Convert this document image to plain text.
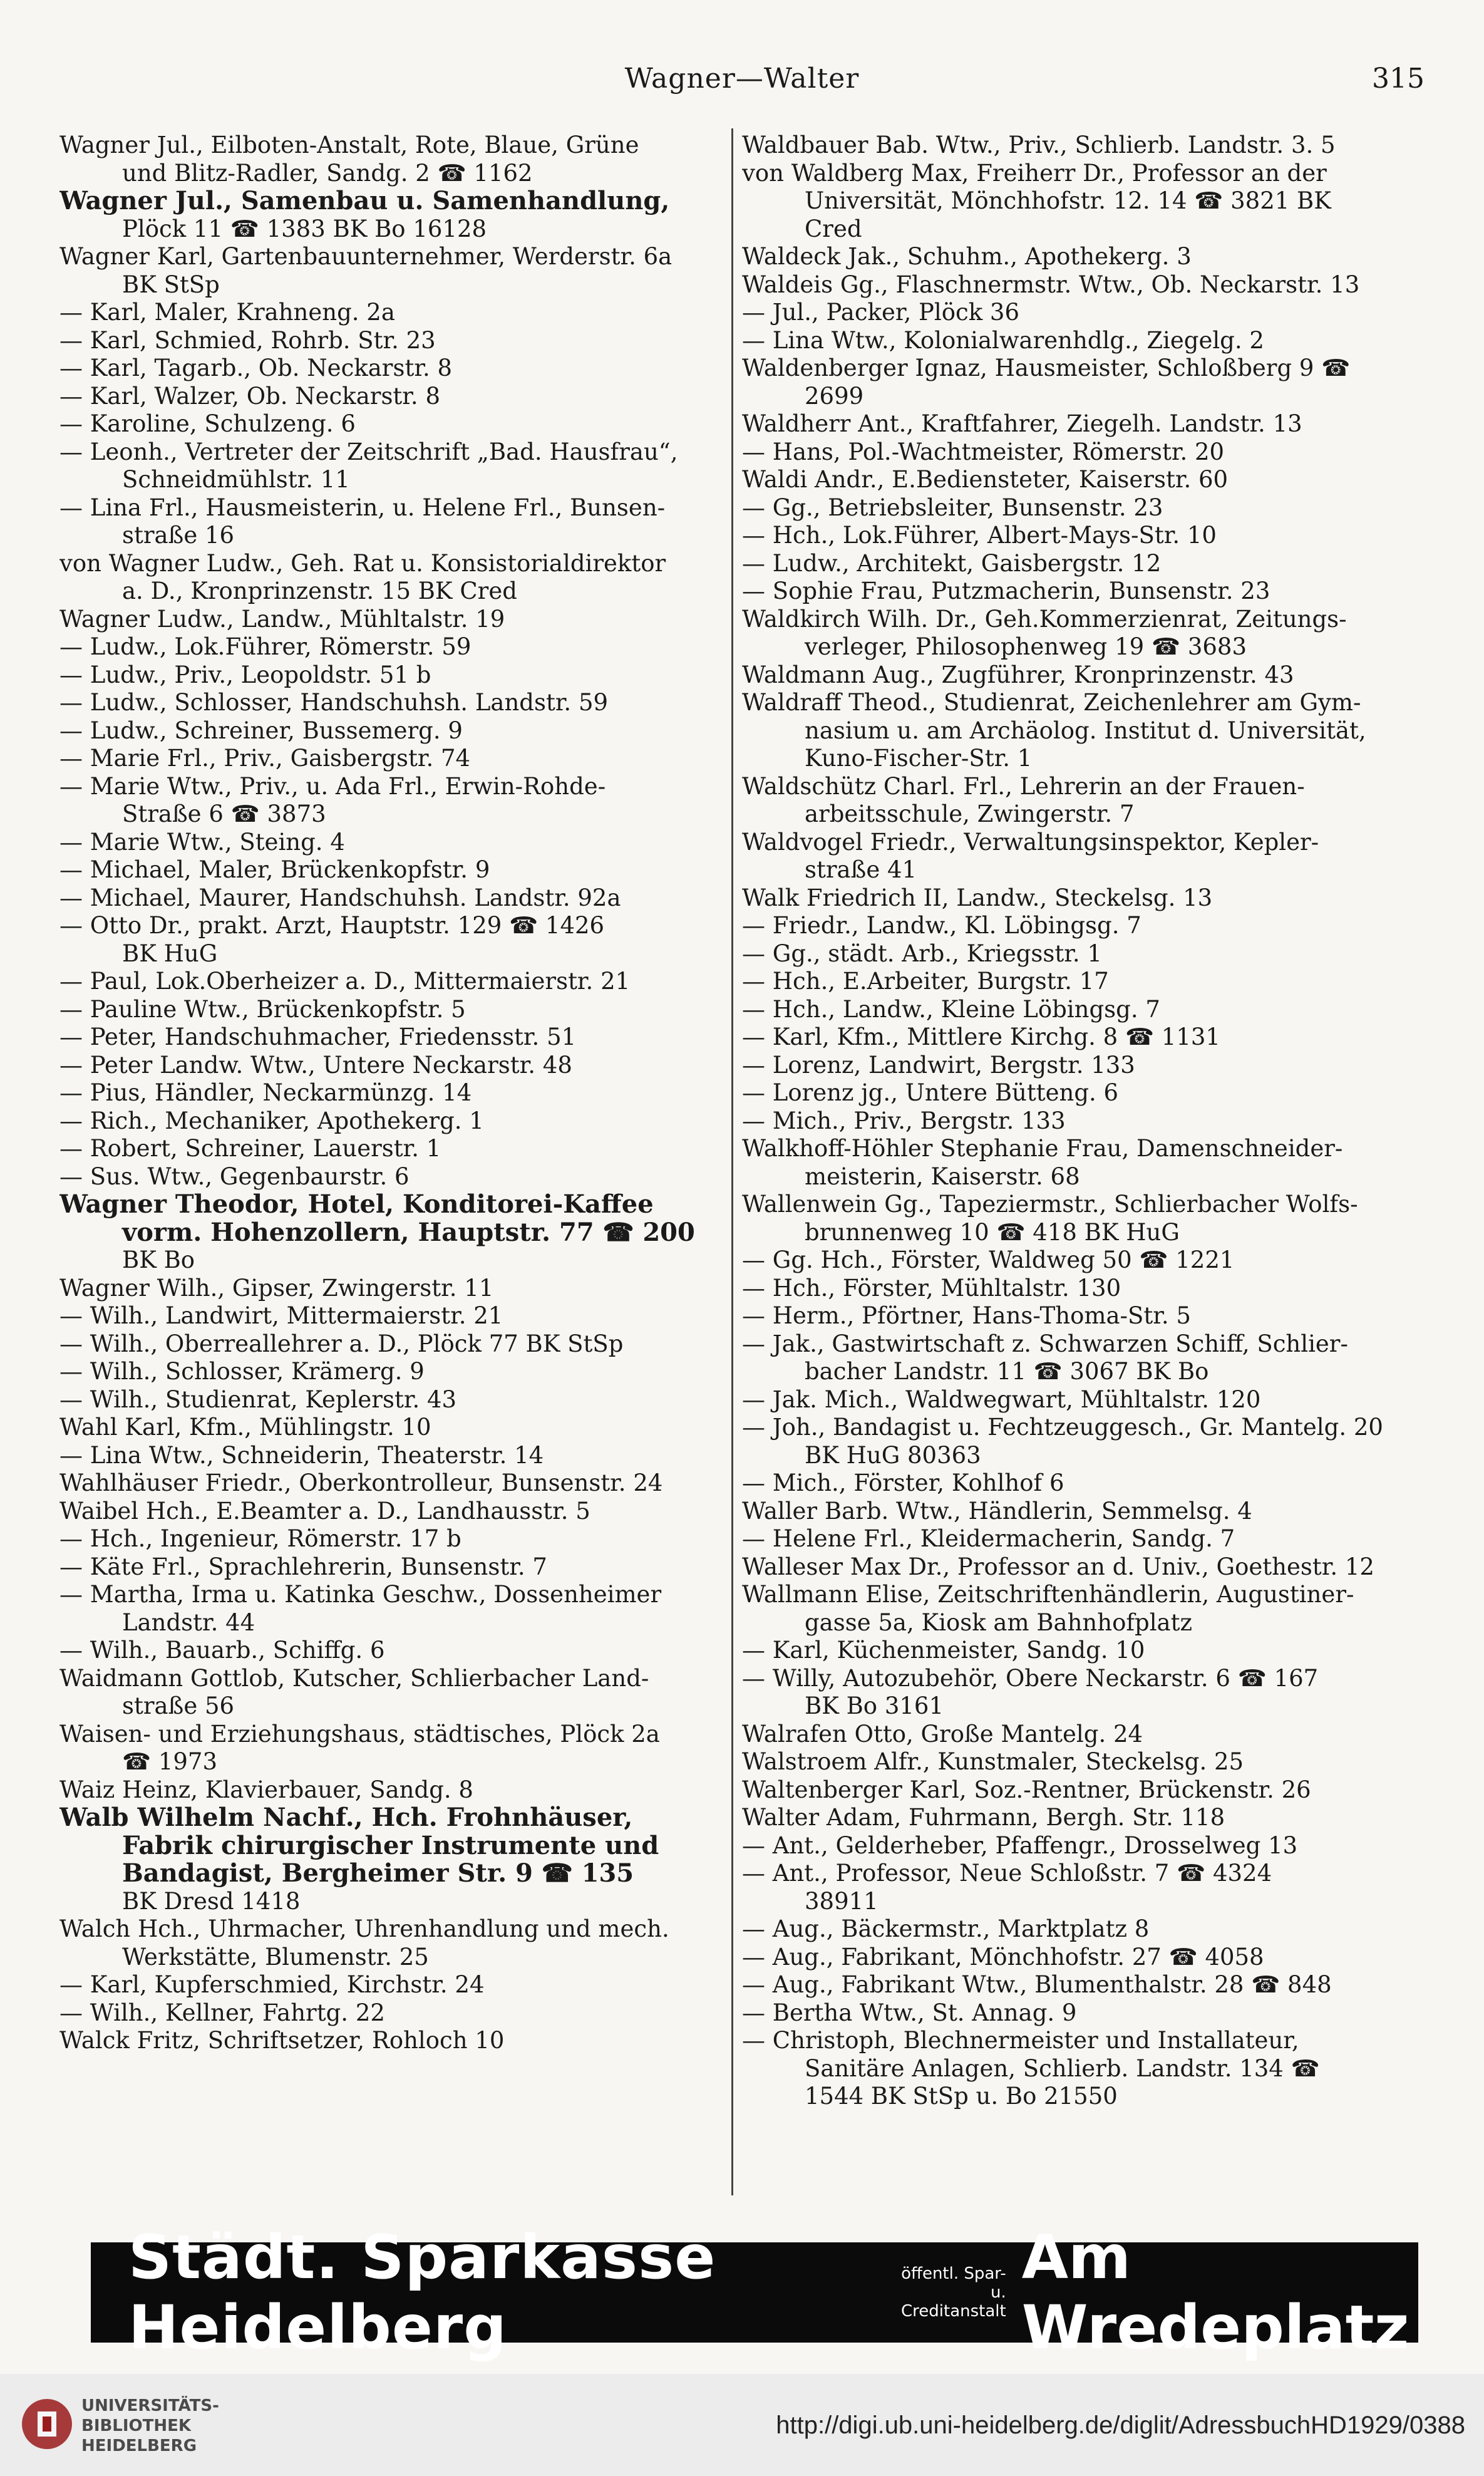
Wagner—Walter	315
Wagner Jul., Eilboten-Anstalt, Rote, Blaue, Grüne
und Blitz-Radler, Sandg. 2 ☎ 1162
Wagner Jul., Samenbau u. Samenhandlung,
Plöck 11 ☎ 1383 BK Bo 16128
Wagner Karl, Gartenbauunternehmer, Werderstr. 6a
BK StSp
— Karl, Maler, Krahneng. 2a
— Karl, Schmied, Rohrb. Str. 23
— Karl, Tagarb., Ob. Neckarstr. 8
— Karl, Walzer, Ob. Neckarstr. 8
— Karoline, Schulzeng. 6
— Leonh., Vertreter der Zeitschrift „Bad. Hausfrau“,
Schneidmühlstr. 11
— Lina Frl., Hausmeisterin, u. Helene Frl., Bunsen-
straße 16
von Wagner Ludw., Geh. Rat u. Konsistorialdirektor
a. D., Kronprinzenstr. 15 BK Cred
Wagner Ludw., Landw., Mühltalstr. 19
— Ludw., Lok.Führer, Römerstr. 59
— Ludw., Priv., Leopoldstr. 51 b
— Ludw., Schlosser, Handschuhsh. Landstr. 59
— Ludw., Schreiner, Bussemerg. 9
— Marie Frl., Priv., Gaisbergstr. 74
— Marie Wtw., Priv., u. Ada Frl., Erwin-Rohde-
Straße 6 ☎ 3873
— Marie Wtw., Steing. 4
— Michael, Maler, Brückenkopfstr. 9
— Michael, Maurer, Handschuhsh. Landstr. 92a
— Otto Dr., prakt. Arzt, Hauptstr. 129 ☎ 1426
BK HuG
— Paul, Lok.Oberheizer a. D., Mittermaierstr. 21
— Pauline Wtw., Brückenkopfstr. 5
— Peter, Handschuhmacher, Friedensstr. 51
— Peter Landw. Wtw., Untere Neckarstr. 48
— Pius, Händler, Neckarmünzg. 14
— Rich., Mechaniker, Apothekerg. 1
— Robert, Schreiner, Lauerstr. 1
— Sus. Wtw., Gegenbaurstr. 6
Wagner Theodor, Hotel, Konditorei-Kaffee
vorm. Hohenzollern, Hauptstr. 77 ☎ 200
BK Bo
Wagner Wilh., Gipser, Zwingerstr. 11
— Wilh., Landwirt, Mittermaierstr. 21
— Wilh., Oberreallehrer a. D., Plöck 77 BK StSp
— Wilh., Schlosser, Krämerg. 9
— Wilh., Studienrat, Keplerstr. 43
Wahl Karl, Kfm., Mühlingstr. 10
— Lina Wtw., Schneiderin, Theaterstr. 14
Wahlhäuser Friedr., Oberkontrolleur, Bunsenstr. 24
Waibel Hch., E.Beamter a. D., Landhausstr. 5
— Hch., Ingenieur, Römerstr. 17 b
— Käte Frl., Sprachlehrerin, Bunsenstr. 7
— Martha, Irma u. Katinka Geschw., Dossenheimer
Landstr. 44
— Wilh., Bauarb., Schiffg. 6
Waidmann Gottlob, Kutscher, Schlierbacher Land-
straße 56
Waisen- und Erziehungshaus, städtisches, Plöck 2a
☎ 1973
Waiz Heinz, Klavierbauer, Sandg. 8
Walb Wilhelm Nachf., Hch. Frohnhäuser,
Fabrik chirurgischer Instrumente und
Bandagist, Bergheimer Str. 9 ☎ 135
BK Dresd 1418
Walch Hch., Uhrmacher, Uhrenhandlung und mech.
Werkstätte, Blumenstr. 25
— Karl, Kupferschmied, Kirchstr. 24
— Wilh., Kellner, Fahrtg. 22
Walck Fritz, Schriftsetzer, Rohloch 10
Waldbauer Bab. Wtw., Priv., Schlierb. Landstr. 3. 5
von Waldberg Max, Freiherr Dr., Professor an der
Universität, Mönchhofstr. 12. 14 ☎ 3821 BK
Cred
Waldeck Jak., Schuhm., Apothekerg. 3
Waldeis Gg., Flaschnermstr. Wtw., Ob. Neckarstr. 13
— Jul., Packer, Plöck 36
— Lina Wtw., Kolonialwarenhdlg., Ziegelg. 2
Waldenberger Ignaz, Hausmeister, Schloßberg 9 ☎
2699
Waldherr Ant., Kraftfahrer, Ziegelh. Landstr. 13
— Hans, Pol.-Wachtmeister, Römerstr. 20
Waldi Andr., E.Bediensteter, Kaiserstr. 60
— Gg., Betriebsleiter, Bunsenstr. 23
— Hch., Lok.Führer, Albert-Mays-Str. 10
— Ludw., Architekt, Gaisbergstr. 12
— Sophie Frau, Putzmacherin, Bunsenstr. 23
Waldkirch Wilh. Dr., Geh.Kommerzienrat, Zeitungs-
verleger, Philosophenweg 19 ☎ 3683
Waldmann Aug., Zugführer, Kronprinzenstr. 43
Waldraff Theod., Studienrat, Zeichenlehrer am Gym-
nasium u. am Archäolog. Institut d. Universität,
Kuno-Fischer-Str. 1
Waldschütz Charl. Frl., Lehrerin an der Frauen-
arbeitsschule, Zwingerstr. 7
Waldvogel Friedr., Verwaltungsinspektor, Kepler-
straße 41
Walk Friedrich II, Landw., Steckelsg. 13
— Friedr., Landw., Kl. Löbingsg. 7
— Gg., städt. Arb., Kriegsstr. 1
— Hch., E.Arbeiter, Burgstr. 17
— Hch., Landw., Kleine Löbingsg. 7
— Karl, Kfm., Mittlere Kirchg. 8 ☎ 1131
— Lorenz, Landwirt, Bergstr. 133
— Lorenz jg., Untere Bütteng. 6
— Mich., Priv., Bergstr. 133
Walkhoff-Höhler Stephanie Frau, Damenschneider-
meisterin, Kaiserstr. 68
Wallenwein Gg., Tapeziermstr., Schlierbacher Wolfs-
brunnenweg 10 ☎ 418 BK HuG
— Gg. Hch., Förster, Waldweg 50 ☎ 1221
— Hch., Förster, Mühltalstr. 130
— Herm., Pförtner, Hans-Thoma-Str. 5
— Jak., Gastwirtschaft z. Schwarzen Schiff, Schlier-
bacher Landstr. 11 ☎ 3067 BK Bo
— Jak. Mich., Waldwegwart, Mühltalstr. 120
— Joh., Bandagist u. Fechtzeuggesch., Gr. Mantelg. 20
BK HuG 80363
— Mich., Förster, Kohlhof 6
Waller Barb. Wtw., Händlerin, Semmelsg. 4
— Helene Frl., Kleidermacherin, Sandg. 7
Walleser Max Dr., Professor an d. Univ., Goethestr. 12
Wallmann Elise, Zeitschriftenhändlerin, Augustiner-
gasse 5a, Kiosk am Bahnhofplatz
— Karl, Küchenmeister, Sandg. 10
— Willy, Autozubehör, Obere Neckarstr. 6 ☎ 167
BK Bo 3161
Walrafen Otto, Große Mantelg. 24
Walstroem Alfr., Kunstmaler, Steckelsg. 25
Waltenberger Karl, Soz.-Rentner, Brückenstr. 26
Walter Adam, Fuhrmann, Bergh. Str. 118
— Ant., Gelderheber, Pfaffengr., Drosselweg 13
— Ant., Professor, Neue Schloßstr. 7 ☎ 4324
38911
— Aug., Bäckermstr., Marktplatz 8
— Aug., Fabrikant, Mönchhofstr. 27 ☎ 4058
— Aug., Fabrikant Wtw., Blumenthalstr. 28 ☎ 848
— Bertha Wtw., St. Annag. 9
— Christoph, Blechnermeister und Installateur,
Sanitäre Anlagen, Schlierb. Landstr. 134 ☎
1544 BK StSp u. Bo 21550
Städt. Sparkasse Heidelberg
öffentl. Spar- u.
Creditanstalt
Am Wredeplatz
UNIVERSITÄTS-
BIBLIOTHEK
HEIDELBERG
http://digi.ub.uni-heidelberg.de/diglit/AdressbuchHD1929/0388
